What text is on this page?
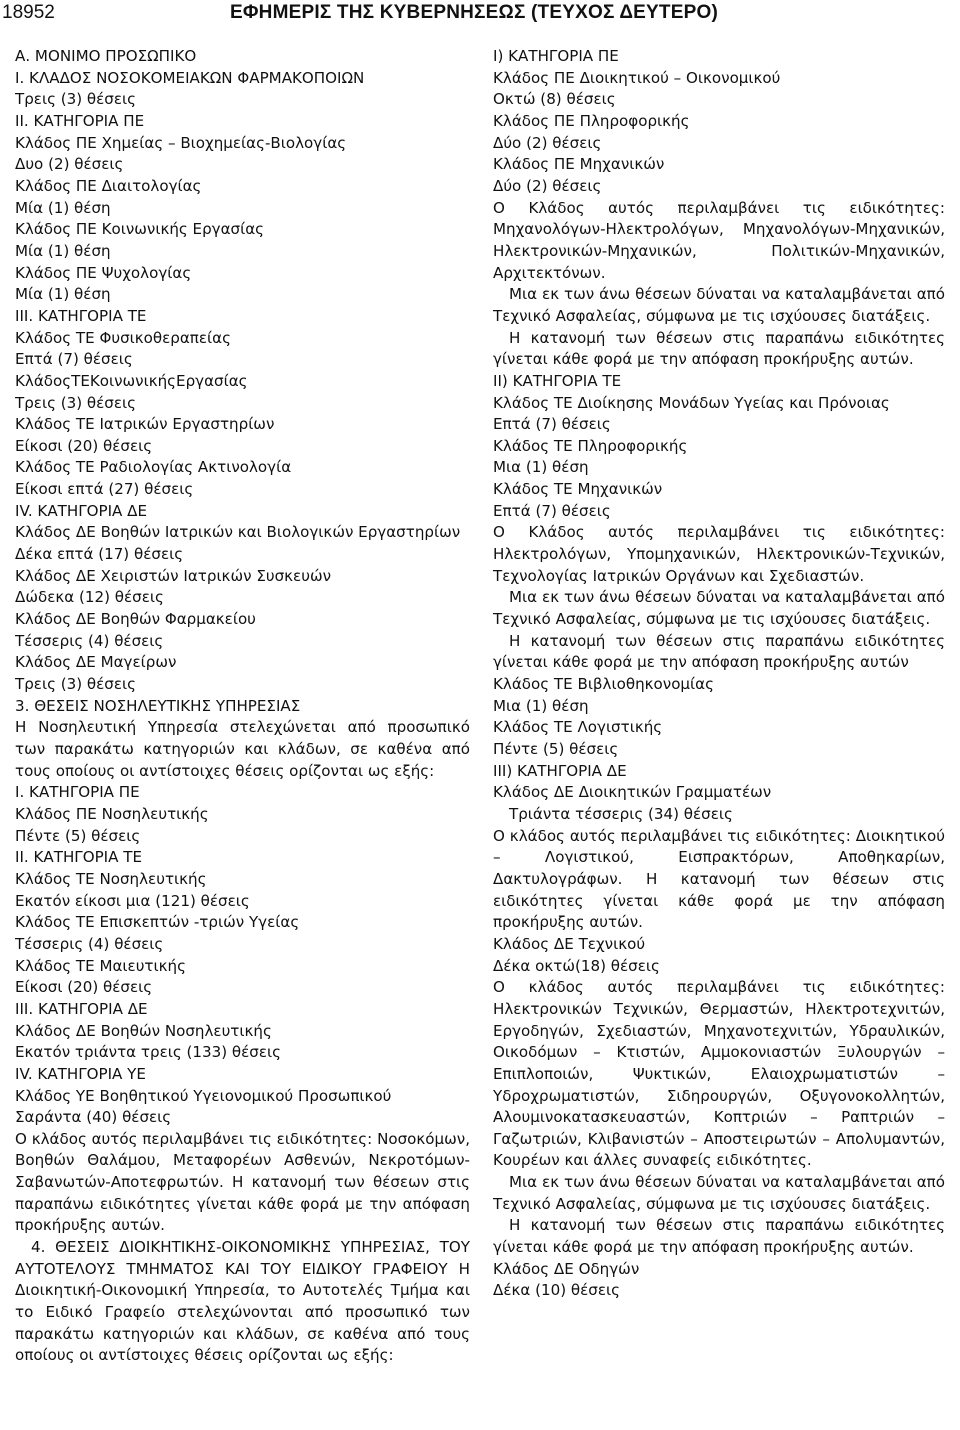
18952	ΕΦΗΜΕΡΙΣ ΤΗΣ ΚΥΒΕΡΝΗΣΕΩΣ (ΤΕΥΧΟΣ ΔΕΥΤΕΡΟ)

Α. ΜΟΝΙΜΟ ΠΡΟΣΩΠΙΚΟ

Ι. ΚΛΑΔΟΣ ΝΟΣΟΚΟΜΕΙΑΚΩΝ ΦΑΡΜΑΚΟΠΟΙΩΝ

Τρεις (3) θέσεις

ΙΙ. ΚΑΤΗΓΟΡΙΑ ΠΕ

Κλάδος ΠΕ Χημείας – Βιοχημείας-Βιολογίας

Δυο (2) θέσεις

Κλάδος ΠΕ Διαιτολογίας

Μία (1) θέση

Κλάδος ΠΕ Κοινωνικής Εργασίας

Μία (1) θέση

Κλάδος ΠΕ Ψυχολογίας

Μία (1) θέση

ΙΙΙ. ΚΑΤΗΓΟΡΙΑ ΤΕ

Κλάδος ΤΕ Φυσικοθεραπείας

Επτά (7) θέσεις

ΚλάδοςΤΕΚοινωνικήςΕργασίας

Τρεις (3) θέσεις

Κλάδος ΤΕ Ιατρικών Εργαστηρίων

Είκοσι (20) θέσεις

Κλάδος ΤΕ Ραδιολογίας Ακτινολογία

Είκοσι επτά (27) θέσεις

ΙV. ΚΑΤΗΓΟΡΙΑ ΔΕ

Κλάδος ΔΕ Βοηθών Ιατρικών και Βιολογικών Εργαστηρίων

Δέκα επτά (17) θέσεις

Κλάδος ΔΕ Χειριστών Ιατρικών Συσκευών

Δώδεκα (12) θέσεις

Κλάδος ΔΕ Βοηθών Φαρμακείου

Τέσσερις (4) θέσεις

Κλάδος ΔΕ Μαγείρων

Τρεις (3) θέσεις

3. ΘΕΣΕΙΣ ΝΟΣΗΛΕΥΤΙΚΗΣ ΥΠΗΡΕΣΙΑΣ

Η Νοσηλευτική Υπηρεσία στελεχώνεται από προσωπικό των παρακάτω κατηγοριών και κλάδων, σε καθένα από τους οποίους οι αντίστοιχες θέσεις ορίζονται ως εξής:

Ι. ΚΑΤΗΓΟΡΙΑ ΠΕ

Κλάδος ΠΕ Νοσηλευτικής

Πέντε (5) θέσεις

ΙΙ. ΚΑΤΗΓΟΡΙΑ ΤΕ

Κλάδος ΤΕ Νοσηλευτικής

Εκατόν είκοσι μια (121) θέσεις

Κλάδος ΤΕ Επισκεπτών -τριών Υγείας

Τέσσερις (4) θέσεις

Κλάδος ΤΕ Μαιευτικής

Είκοσι (20) θέσεις

ΙΙΙ. ΚΑΤΗΓΟΡΙΑ ΔΕ

Κλάδος ΔΕ Βοηθών Νοσηλευτικής

Εκατόν τριάντα τρεις (133) θέσεις

ΙV. ΚΑΤΗΓΟΡΙΑ ΥΕ

Κλάδος ΥΕ Βοηθητικού Υγειονομικού Προσωπικού

Σαράντα (40) θέσεις

Ο κλάδος αυτός περιλαμβάνει τις ειδικότητες: Νοσοκόμων, Βοηθών Θαλάμου, Μεταφορέων Ασθενών, Νεκροτόμων-Σαβανωτών-Αποτεφρωτών. Η κατανομή των θέσεων στις παραπάνω ειδικότητες γίνεται κάθε φορά με την απόφαση προκήρυξης αυτών.

4. ΘΕΣΕΙΣ ΔΙΟΙΚΗΤΙΚΗΣ-ΟΙΚΟΝΟΜΙΚΗΣ ΥΠΗΡΕΣΙΑΣ, ΤΟΥ ΑΥΤΟΤΕΛΟΥΣ ΤΜΗΜΑΤΟΣ ΚΑΙ ΤΟΥ ΕΙΔΙΚΟΥ ΓΡΑΦΕΙΟΥ Η Διοικητική-Οικονομική Υπηρεσία, το Αυτοτελές Τμήμα και το Ειδικό Γραφείο στελεχώνονται από προσωπικό των παρακάτω κατηγοριών και κλάδων, σε καθένα από τους οποίους οι αντίστοιχες θέσεις ορίζονται ως εξής:

Ι) ΚΑΤΗΓΟΡΙΑ ΠΕ

Κλάδος ΠΕ Διοικητικού – Οικονομικού

Οκτώ (8) θέσεις

Κλάδος ΠΕ Πληροφορικής

Δύο (2) θέσεις

Κλάδος ΠΕ Μηχανικών

Δύο (2) θέσεις

Ο Κλάδος αυτός περιλαμβάνει τις ειδικότητες: Μηχανολόγων-Ηλεκτρολόγων, Μηχανολόγων-Μηχανικών, Ηλεκτρονικών-Μηχανικών, Πολιτικών-Μηχανικών, Αρχιτεκτόνων.

Μια εκ των άνω θέσεων δύναται να καταλαμβάνεται από Τεχνικό Ασφαλείας, σύμφωνα με τις ισχύουσες διατάξεις.

Η κατανομή των θέσεων στις παραπάνω ειδικότητες γίνεται κάθε φορά με την απόφαση προκήρυξης αυτών.

ΙΙ) ΚΑΤΗΓΟΡΙΑ ΤΕ

Κλάδος ΤΕ Διοίκησης Μονάδων Υγείας και Πρόνοιας

Επτά (7) θέσεις

Κλάδος ΤΕ Πληροφορικής

Μια (1) θέση

Κλάδος ΤΕ Μηχανικών

Επτά (7) θέσεις

Ο Κλάδος αυτός περιλαμβάνει τις ειδικότητες: Ηλεκτρολόγων, Υπομηχανικών, Ηλεκτρονικών-Τεχνικών, Τεχνολογίας Ιατρικών Οργάνων και Σχεδιαστών.

Μια εκ των άνω θέσεων δύναται να καταλαμβάνεται από Τεχνικό Ασφαλείας, σύμφωνα με τις ισχύουσες διατάξεις.

Η κατανομή των θέσεων στις παραπάνω ειδικότητες γίνεται κάθε φορά με την απόφαση προκήρυξης αυτών

Κλάδος ΤΕ Βιβλιοθηκονομίας

Μια (1) θέση

Κλάδος ΤΕ Λογιστικής

Πέντε (5) θέσεις

ΙΙΙ) ΚΑΤΗΓΟΡΙΑ ΔΕ

Κλάδος ΔΕ Διοικητικών Γραμματέων

Τριάντα τέσσερις (34) θέσεις

Ο κλάδος αυτός περιλαμβάνει τις ειδικότητες: Διοικητικού – Λογιστικού, Εισπρακτόρων, Αποθηκαρίων, Δακτυλογράφων. Η κατανομή των θέσεων στις ειδικότητες γίνεται κάθε φορά με την απόφαση προκήρυξης αυτών.

Κλάδος ΔΕ Τεχνικού

Δέκα οκτώ(18) θέσεις

Ο κλάδος αυτός περιλαμβάνει τις ειδικότητες: Ηλεκτρονικών Τεχνικών, Θερμαστών, Ηλεκτροτεχνιτών, Εργοδηγών, Σχεδιαστών, Μηχανοτεχνιτών, Υδραυλικών, Οικοδόμων – Κτιστών, Αμμοκονιαστών Ξυλουργών – Επιπλοποιών, Ψυκτικών, Ελαιοχρωματιστών – Υδροχρωματιστών, Σιδηρουργών, Οξυγονοκολλητών, Αλουμινοκατασκευαστών, Κοπτριών – Ραπτριών – Γαζωτριών, Κλιβανιστών – Αποστειρωτών – Απολυμαντών, Κουρέων και άλλες συναφείς ειδικότητες.

Μια εκ των άνω θέσεων δύναται να καταλαμβάνεται από Τεχνικό Ασφαλείας, σύμφωνα με τις ισχύουσες διατάξεις.

Η κατανομή των θέσεων στις παραπάνω ειδικότητες γίνεται κάθε φορά με την απόφαση προκήρυξης αυτών.

Κλάδος ΔΕ Οδηγών

Δέκα (10) θέσεις
